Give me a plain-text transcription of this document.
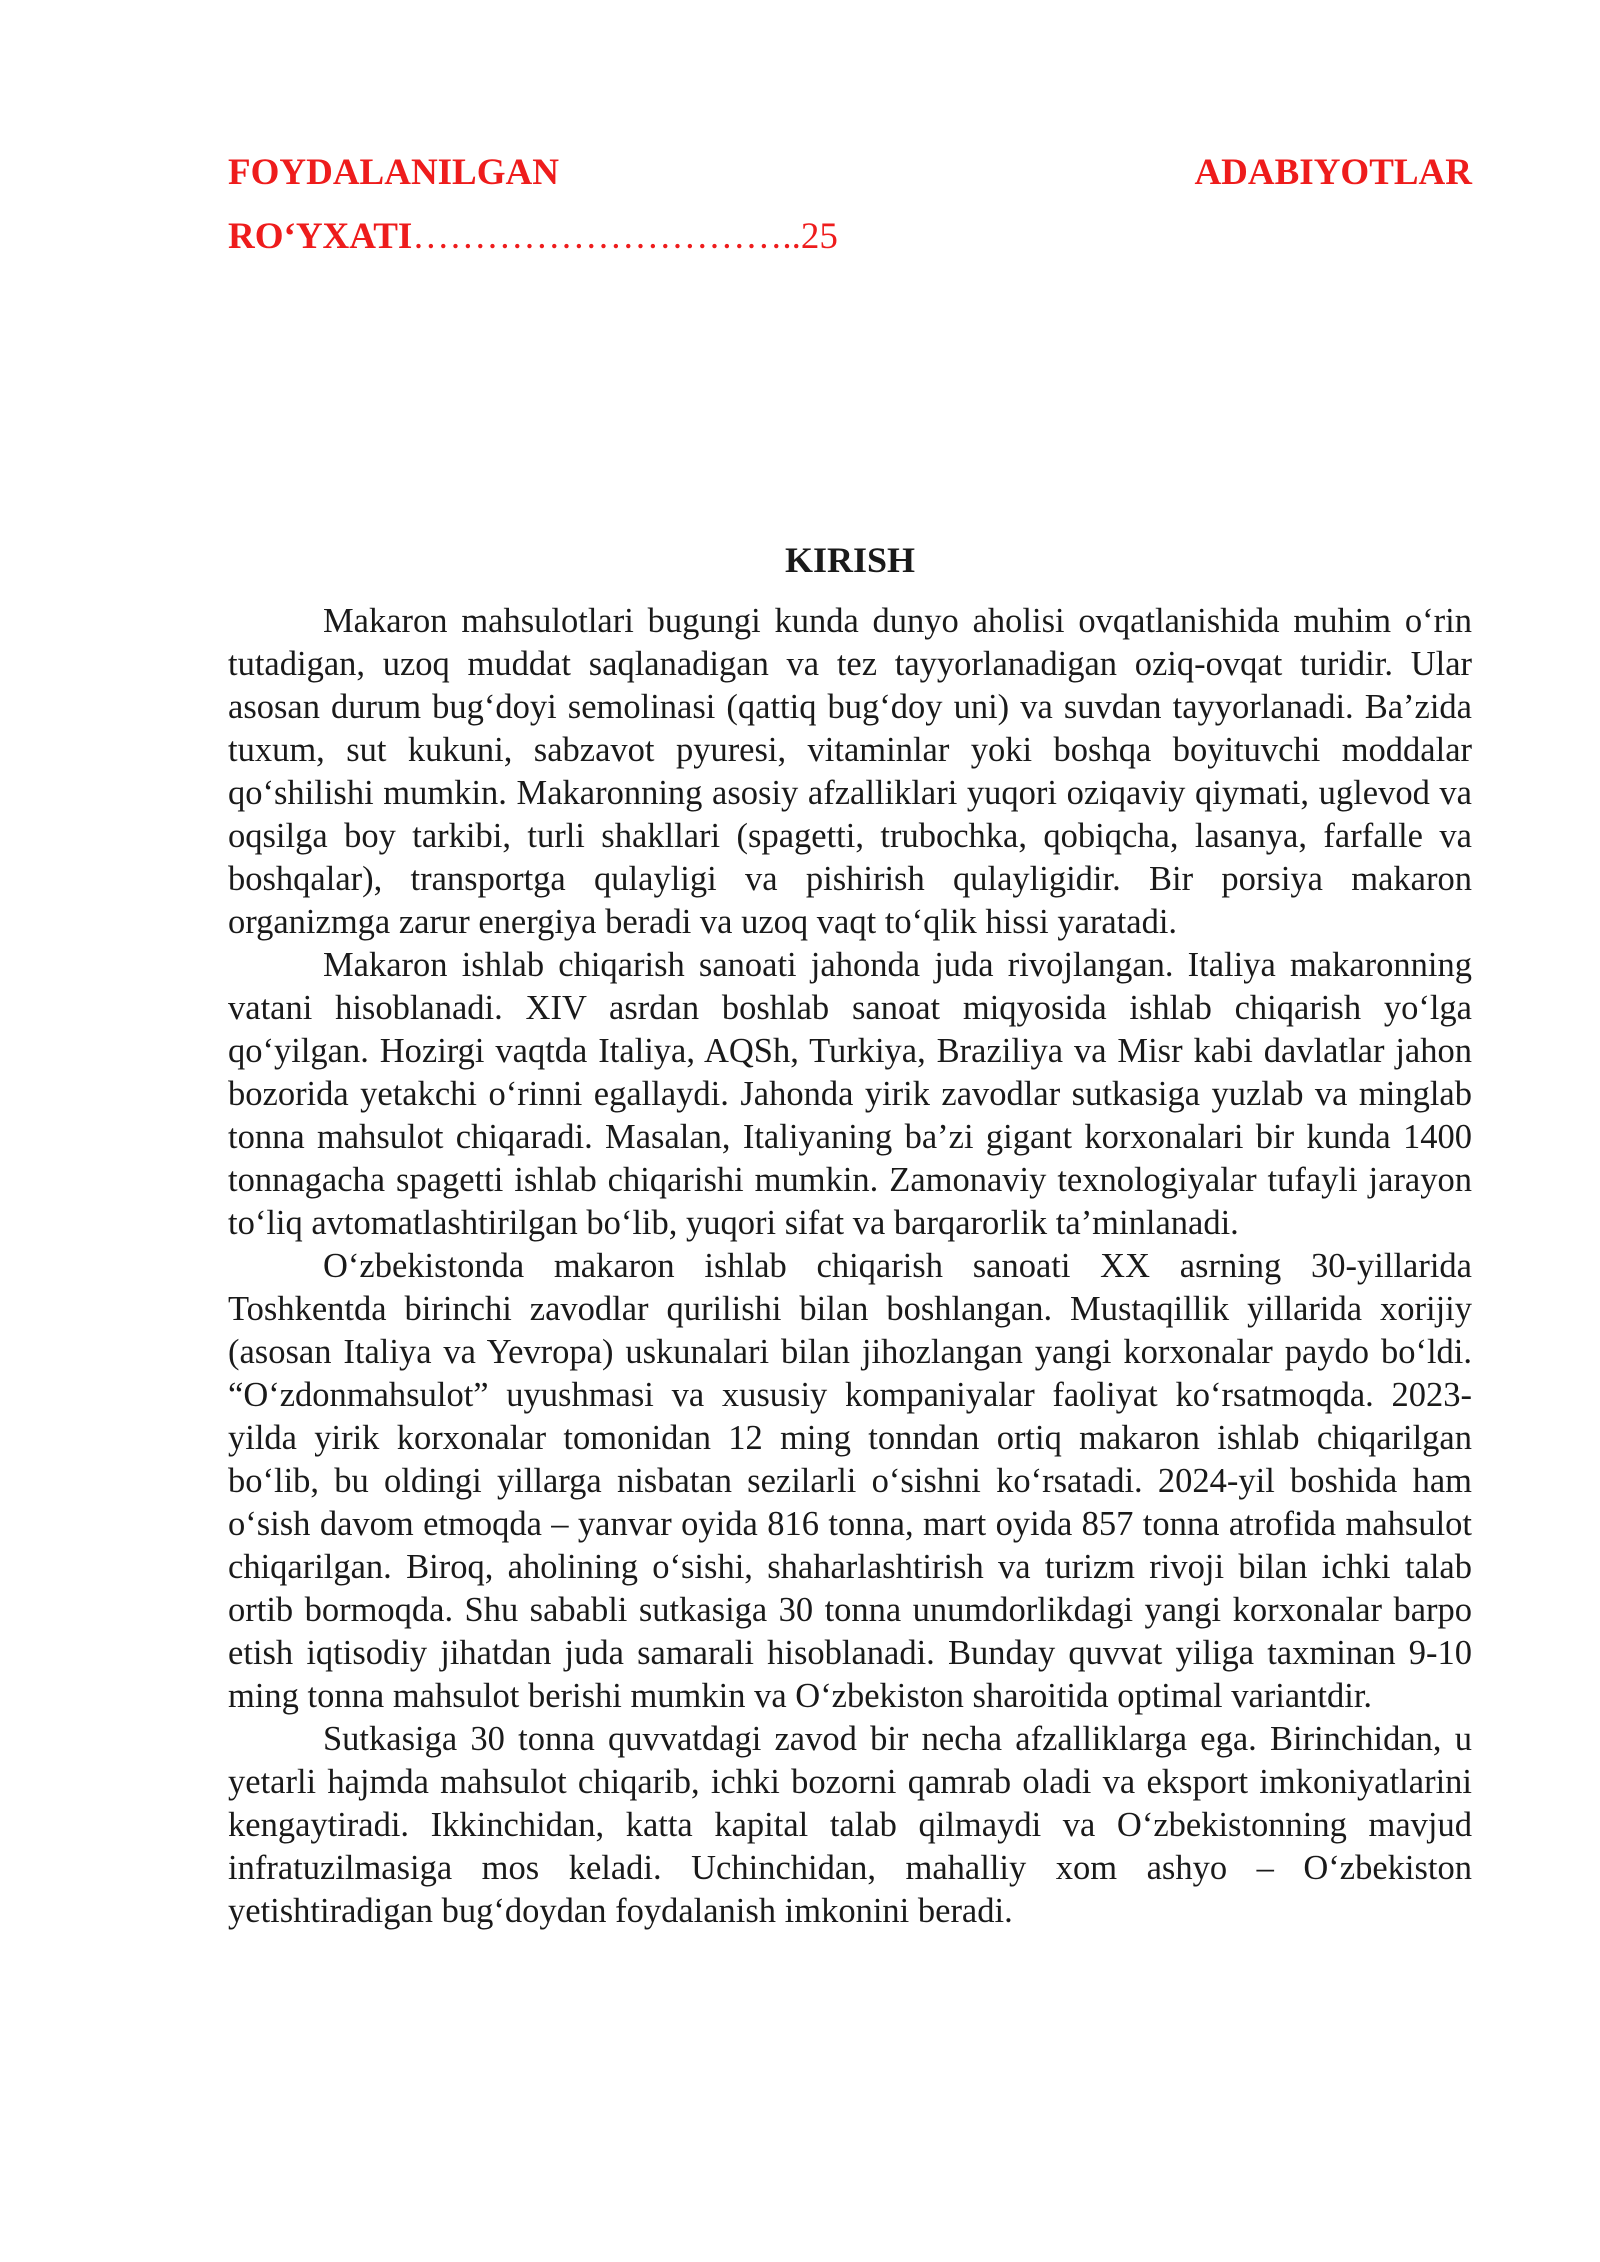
FOYDALANILGAN	ADABIYOTLAR
RO‘YXATI…………………………..25
KIRISH

Makaron mahsulotlari bugungi kunda dunyo aholisi ovqatlanishida muhim o‘rin tutadigan, uzoq muddat saqlanadigan va tez tayyorlanadigan oziq-ovqat turidir. Ular asosan durum bug‘doyi semolinasi (qattiq bug‘doy uni) va suvdan tayyorlanadi. Ba’zida tuxum, sut kukuni, sabzavot pyuresi, vitaminlar yoki boshqa boyituvchi moddalar qo‘shilishi mumkin. Makaronning asosiy afzalliklari yuqori oziqaviy qiymati, uglevod va oqsilga boy tarkibi, turli shakllari (spagetti, trubochka, qobiqcha, lasanya, farfalle va boshqalar), transportga qulayligi va pishirish qulayligidir. Bir porsiya makaron organizmga zarur energiya beradi va uzoq vaqt to‘qlik hissi yaratadi.

Makaron ishlab chiqarish sanoati jahonda juda rivojlangan. Italiya makaronning vatani hisoblanadi. XIV asrdan boshlab sanoat miqyosida ishlab chiqarish yo‘lga qo‘yilgan. Hozirgi vaqtda Italiya, AQSh, Turkiya, Braziliya va Misr kabi davlatlar jahon bozorida yetakchi o‘rinni egallaydi. Jahonda yirik zavodlar sutkasiga yuzlab va minglab tonna mahsulot chiqaradi. Masalan, Italiyaning ba’zi gigant korxonalari bir kunda 1400 tonnagacha spagetti ishlab chiqarishi mumkin. Zamonaviy texnologiyalar tufayli jarayon to‘liq avtomatlashtirilgan bo‘lib, yuqori sifat va barqarorlik ta’minlanadi.

O‘zbekistonda makaron ishlab chiqarish sanoati XX asrning 30-yillarida Toshkentda birinchi zavodlar qurilishi bilan boshlangan. Mustaqillik yillarida xorijiy (asosan Italiya va Yevropa) uskunalari bilan jihozlangan yangi korxonalar paydo bo‘ldi. “O‘zdonmahsulot” uyushmasi va xususiy kompaniyalar faoliyat ko‘rsatmoqda. 2023-yilda yirik korxonalar tomonidan 12 ming tonndan ortiq makaron ishlab chiqarilgan bo‘lib, bu oldingi yillarga nisbatan sezilarli o‘sishni ko‘rsatadi. 2024-yil boshida ham o‘sish davom etmoqda – yanvar oyida 816 tonna, mart oyida 857 tonna atrofida mahsulot chiqarilgan. Biroq, aholining o‘sishi, shaharlashtirish va turizm rivoji bilan ichki talab ortib bormoqda. Shu sababli sutkasiga 30 tonna unumdorlikdagi yangi korxonalar barpo etish iqtisodiy jihatdan juda samarali hisoblanadi. Bunday quvvat yiliga taxminan 9-10 ming tonna mahsulot berishi mumkin va O‘zbekiston sharoitida optimal variantdir.

Sutkasiga 30 tonna quvvatdagi zavod bir necha afzalliklarga ega. Birinchidan, u yetarli hajmda mahsulot chiqarib, ichki bozorni qamrab oladi va eksport imkoniyatlarini kengaytiradi. Ikkinchidan, katta kapital talab qilmaydi va O‘zbekistonning mavjud infratuzilmasiga mos keladi. Uchinchidan, mahalliy xom ashyo – O‘zbekiston yetishtiradigan bug‘doydan foydalanish imkonini beradi.
